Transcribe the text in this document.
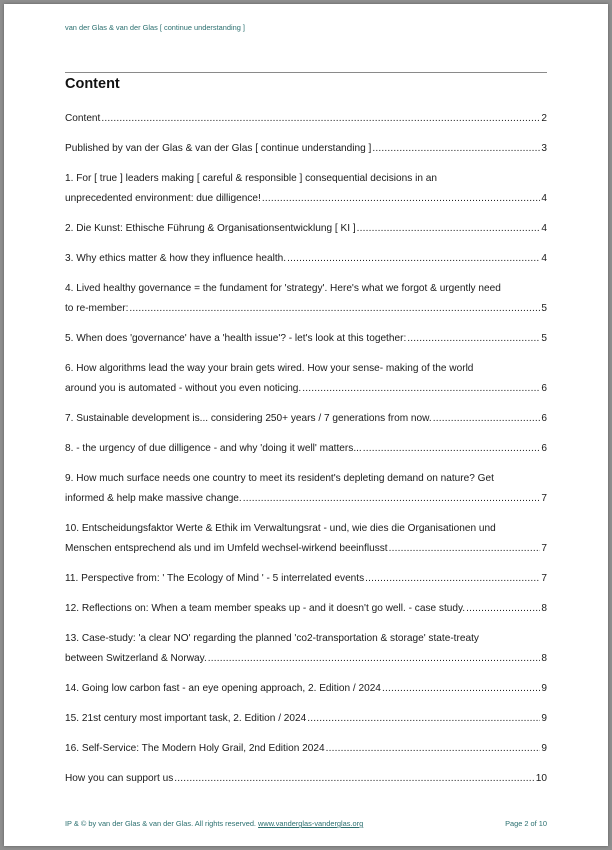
van der Glas & van der Glas [ continue understanding ]
Content
Content .....	2
Published by van der Glas & van der Glas [ continue understanding ] .....	3
1. For [ true ] leaders making [ careful & responsible ] consequential decisions in an
unprecedented environment: due dilligence! .....	4
2. Die Kunst: Ethische Führung & Organisationsentwicklung [ KI ] .....	4
3. Why ethics matter & how they influence health. .....	4
4. Lived healthy governance = the fundament for 'strategy'. Here's what we forgot & urgently need
to re-member: .....	5
5. When does 'governance' have a 'health issue'? - let's look at this together: .....	5
6. How algorithms lead the way your brain gets wired. How your sense- making of the world
around you is automated - without you even noticing. .....	6
7. Sustainable development is... considering 250+ years / 7 generations from now. .....	6
8. - the urgency of due dilligence - and why 'doing it well' matters... .....	6
9. How much surface needs one country to meet its resident's depleting demand on nature? Get
informed & help make massive change. .....	7
10. Entscheidungsfaktor Werte & Ethik im Verwaltungsrat - und, wie dies die Organisationen und
Menschen entsprechend als und im Umfeld wechsel-wirkend beeinflusst .....	7
11. Perspective from: ' The Ecology of Mind ' - 5 interrelated events .....	7
12. Reflections on: When a team member speaks up - and it doesn't go well. - case study. .....	8
13. Case-study: 'a clear NO' regarding the planned 'co2-transportation & storage' state-treaty
between Switzerland & Norway. .....	8
14. Going low carbon fast - an eye opening approach, 2. Edition / 2024 .....	9
15. 21st century most important task, 2. Edition / 2024 .....	9
16. Self-Service: The Modern Holy Grail, 2nd Edition 2024 .....	9
How you can support us .....	10
IP & © by van der Glas & van der Glas. All rights reserved. www.vanderglas-vanderglas.org	Page 2 of 10
